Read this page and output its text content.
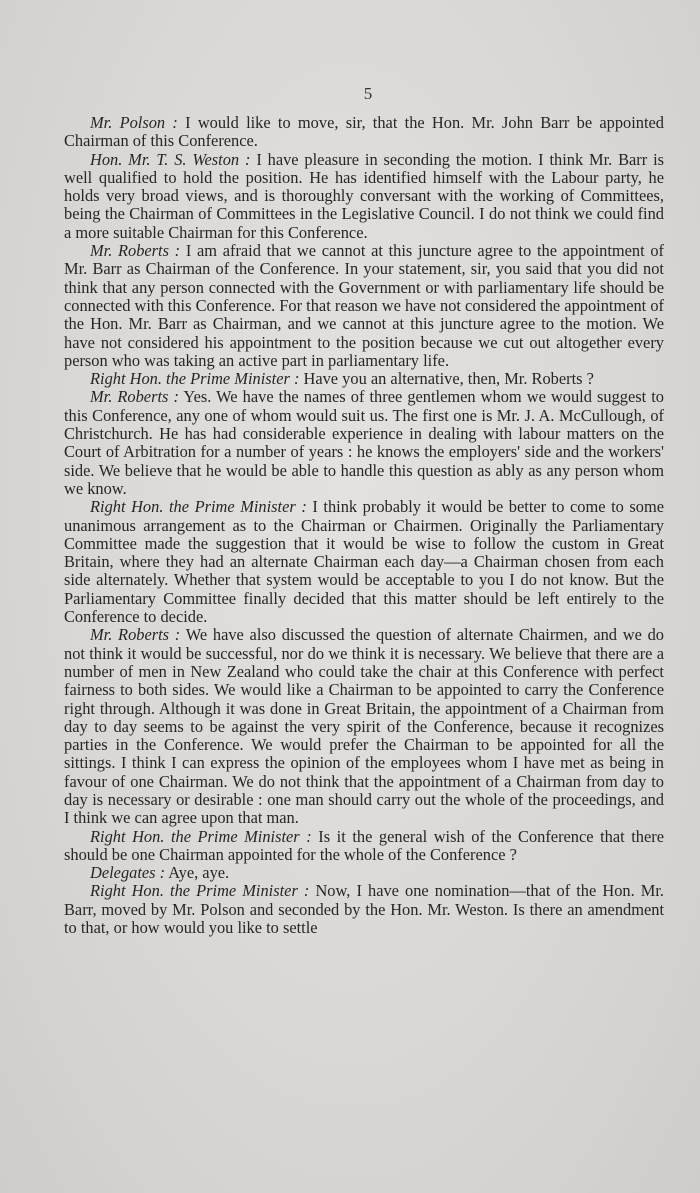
5

Mr. Polson : I would like to move, sir, that the Hon. Mr. John Barr be appointed Chairman of this Conference.

Hon. Mr. T. S. Weston : I have pleasure in seconding the motion. I think Mr. Barr is well qualified to hold the position. He has identified himself with the Labour party, he holds very broad views, and is thoroughly conversant with the working of Committees, being the Chairman of Committees in the Legislative Council. I do not think we could find a more suitable Chairman for this Conference.

Mr. Roberts : I am afraid that we cannot at this juncture agree to the appointment of Mr. Barr as Chairman of the Conference. In your statement, sir, you said that you did not think that any person connected with the Government or with parliamentary life should be connected with this Conference. For that reason we have not considered the appointment of the Hon. Mr. Barr as Chairman, and we cannot at this juncture agree to the motion. We have not considered his appointment to the position because we cut out altogether every person who was taking an active part in parliamentary life.

Right Hon. the Prime Minister : Have you an alternative, then, Mr. Roberts ?

Mr. Roberts : Yes. We have the names of three gentlemen whom we would suggest to this Conference, any one of whom would suit us. The first one is Mr. J. A. McCullough, of Christchurch. He has had considerable experience in dealing with labour matters on the Court of Arbitration for a number of years : he knows the employers' side and the workers' side. We believe that he would be able to handle this question as ably as any person whom we know.

Right Hon. the Prime Minister : I think probably it would be better to come to some unanimous arrangement as to the Chairman or Chairmen. Originally the Parliamentary Committee made the suggestion that it would be wise to follow the custom in Great Britain, where they had an alternate Chairman each day—a Chairman chosen from each side alternately. Whether that system would be acceptable to you I do not know. But the Parliamentary Committee finally decided that this matter should be left entirely to the Conference to decide.

Mr. Roberts : We have also discussed the question of alternate Chairmen, and we do not think it would be successful, nor do we think it is necessary. We believe that there are a number of men in New Zealand who could take the chair at this Conference with perfect fairness to both sides. We would like a Chairman to be appointed to carry the Conference right through. Although it was done in Great Britain, the appointment of a Chairman from day to day seems to be against the very spirit of the Conference, because it recognizes parties in the Conference. We would prefer the Chairman to be appointed for all the sittings. I think I can express the opinion of the employees whom I have met as being in favour of one Chairman. We do not think that the appointment of a Chairman from day to day is necessary or desirable : one man should carry out the whole of the proceedings, and I think we can agree upon that man.

Right Hon. the Prime Minister : Is it the general wish of the Conference that there should be one Chairman appointed for the whole of the Conference ?

Delegates : Aye, aye.

Right Hon. the Prime Minister : Now, I have one nomination—that of the Hon. Mr. Barr, moved by Mr. Polson and seconded by the Hon. Mr. Weston. Is there an amendment to that, or how would you like to settle
